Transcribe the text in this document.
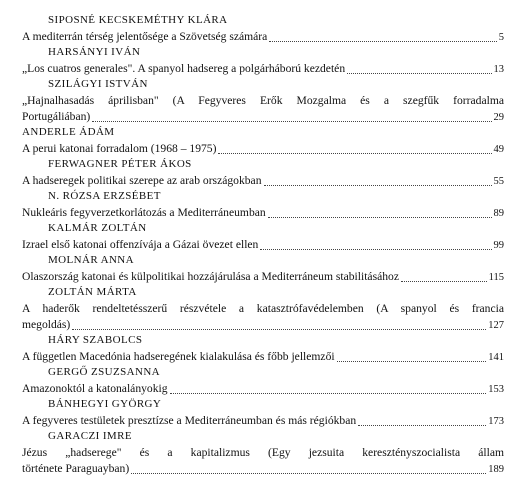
SIPOSNÉ KECSKEMÉTHY KLÁRA
A mediterrán térség jelentősége a Szövetség számára	5
HARSÁNYI IVÁN
„Los cuatros generales". A spanyol hadsereg a polgárháború kezdetén	13
SZILÁGYI ISTVÁN
„Hajnalhasadás áprilisban" (A Fegyveres Erők Mozgalma és a szegfűk forradalma
Portugáliában)	29
ANDERLE ÁDÁM
A perui katonai forradalom (1968 – 1975)	49
FERWAGNER PÉTER ÁKOS
A hadseregek politikai szerepe az arab országokban	55
N. RÓZSA ERZSÉBET
Nukleáris fegyverzetkorlátozás a Mediterráneumban	89
KALMÁR ZOLTÁN
Izrael első katonai offenzívája a Gázai övezet ellen	99
MOLNÁR ANNA
Olaszország katonai és külpolitikai hozzájárulása a Mediterráneum stabilitásához	115
ZOLTÁN MÁRTA
A haderők rendeltetésszerű részvétele a katasztrófavédelemben (A spanyol és francia
megoldás)	127
HÁRY SZABOLCS
A független Macedónia hadseregének kialakulása és főbb jellemzői	141
GERGŐ ZSUZSANNA
Amazonoktól a katonalányokig	153
BÁNHEGYI GYÖRGY
A fegyveres testületek presztízse a Mediterráneumban és más régiókban	173
GARACZI IMRE
Jézus „hadserege" és a kapitalizmus (Egy jezsuita keresztényszocialista állam
története Paraguayban)	189
